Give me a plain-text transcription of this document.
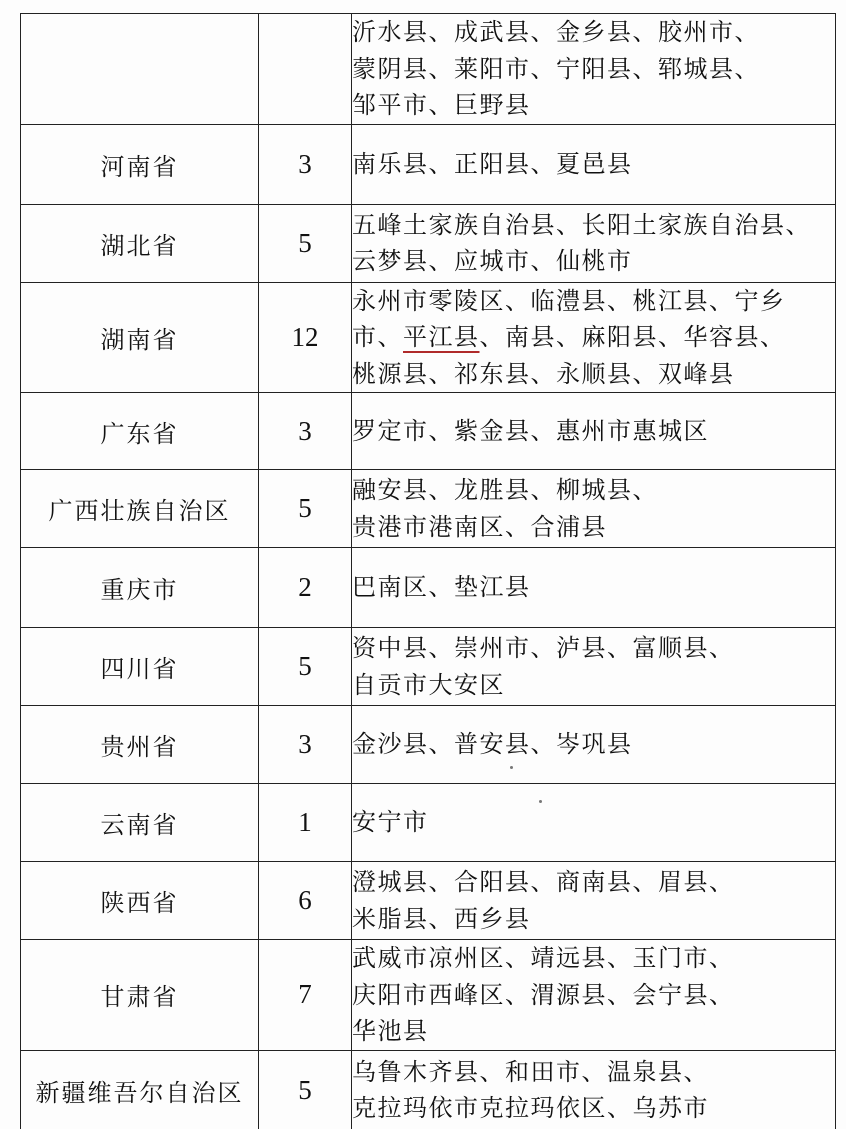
		沂水县、成武县、金乡县、胶州市、
蒙阴县、莱阳市、宁阳县、郓城县、
邹平市、巨野县

河南省	3	南乐县、正阳县、夏邑县

湖北省	5	五峰土家族自治县、长阳土家族自治县、
云梦县、应城市、仙桃市

湖南省	12	永州市零陵区、临澧县、桃江县、宁乡
市、平江县、南县、麻阳县、华容县、
桃源县、祁东县、永顺县、双峰县

广东省	3	罗定市、紫金县、惠州市惠城区

广西壮族自治区	5	融安县、龙胜县、柳城县、
贵港市港南区、合浦县

重庆市	2	巴南区、垫江县

四川省	5	资中县、崇州市、泸县、富顺县、
自贡市大安区

贵州省	3	金沙县、普安县、岑巩县

云南省	1	安宁市

陕西省	6	澄城县、合阳县、商南县、眉县、
米脂县、西乡县

甘肃省	7	武威市凉州区、靖远县、玉门市、
庆阳市西峰区、渭源县、会宁县、
华池县

新疆维吾尔自治区	5	乌鲁木齐县、和田市、温泉县、
克拉玛依市克拉玛依区、乌苏市
